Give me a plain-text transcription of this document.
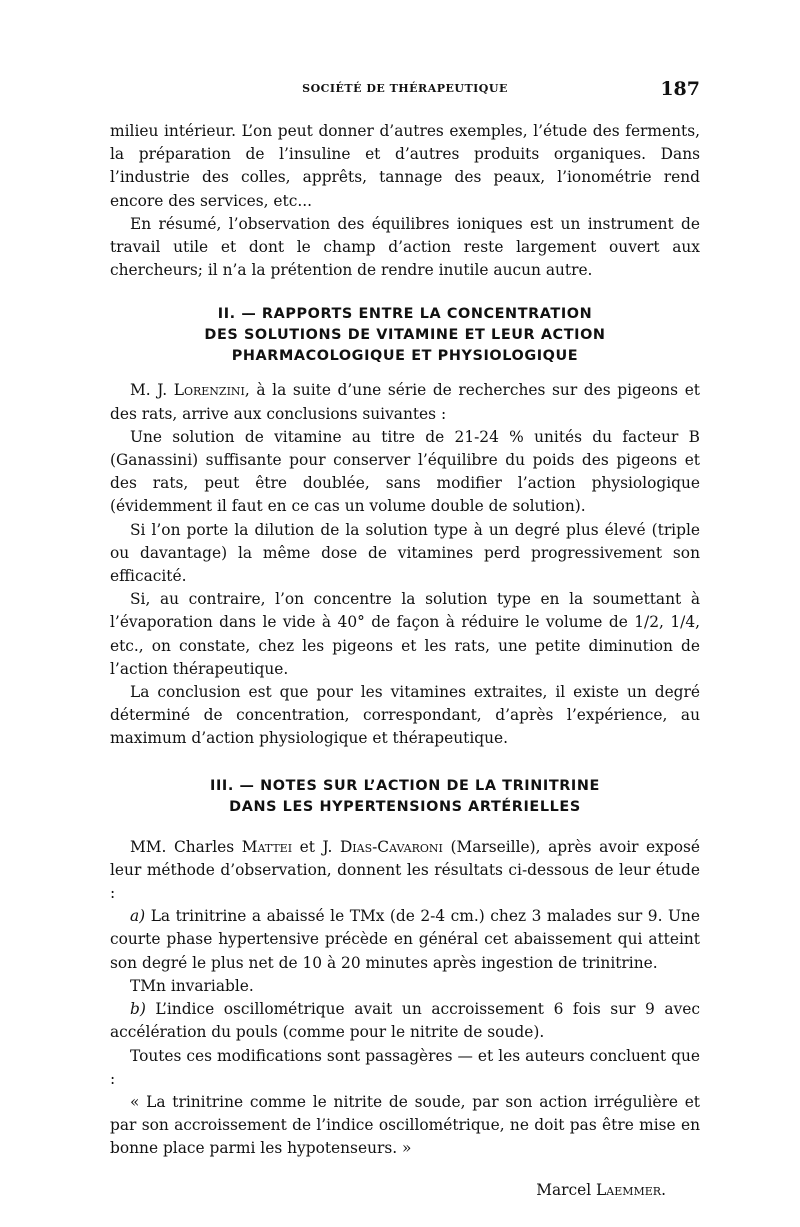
SOCIÉTÉ DE THÉRAPEUTIQUE	187

milieu intérieur. L’on peut donner d’autres exemples, l’étude des ferments, la préparation de l’insuline et d’autres produits organiques. Dans l’industrie des colles, apprêts, tannage des peaux, l’ionométrie rend encore des services, etc...

En résumé, l’observation des équilibres ioniques est un instrument de travail utile et dont le champ d’action reste largement ouvert aux chercheurs; il n’a la prétention de rendre inutile aucun autre.

II. — RAPPORTS ENTRE LA CONCENTRATION
DES SOLUTIONS DE VITAMINE ET LEUR ACTION
PHARMACOLOGIQUE ET PHYSIOLOGIQUE

M. J. Lorenzini, à la suite d’une série de recherches sur des pigeons et des rats, arrive aux conclusions suivantes :

Une solution de vitamine au titre de 21-24 % unités du facteur B (Ganassini) suffisante pour conserver l’équilibre du poids des pigeons et des rats, peut être doublée, sans modifier l’action physiologique (évidemment il faut en ce cas un volume double de solution).

Si l’on porte la dilution de la solution type à un degré plus élevé (triple ou davantage) la même dose de vitamines perd progressivement son efficacité.

Si, au contraire, l’on concentre la solution type en la soumettant à l’évaporation dans le vide à 40° de façon à réduire le volume de 1/2, 1/4, etc., on constate, chez les pigeons et les rats, une petite diminution de l’action thérapeutique.

La conclusion est que pour les vitamines extraites, il existe un degré déterminé de concentration, correspondant, d’après l’expérience, au maximum d’action physiologique et thérapeutique.

III. — NOTES SUR L’ACTION DE LA TRINITRINE
DANS LES HYPERTENSIONS ARTÉRIELLES

MM. Charles Mattei et J. Dias-Cavaroni (Marseille), après avoir exposé leur méthode d’observation, donnent les résultats ci-dessous de leur étude :

a) La trinitrine a abaissé le TMx (de 2-4 cm.) chez 3 malades sur 9. Une courte phase hypertensive précède en général cet abaissement qui atteint son degré le plus net de 10 à 20 minutes après ingestion de trinitrine.

TMn invariable.

b) L’indice oscillométrique avait un accroissement 6 fois sur 9 avec accélération du pouls (comme pour le nitrite de soude).

Toutes ces modifications sont passagères — et les auteurs concluent que :

« La trinitrine comme le nitrite de soude, par son action irrégulière et par son accroissement de l’indice oscillométrique, ne doit pas être mise en bonne place parmi les hypotenseurs. »

Marcel Laemmer.
